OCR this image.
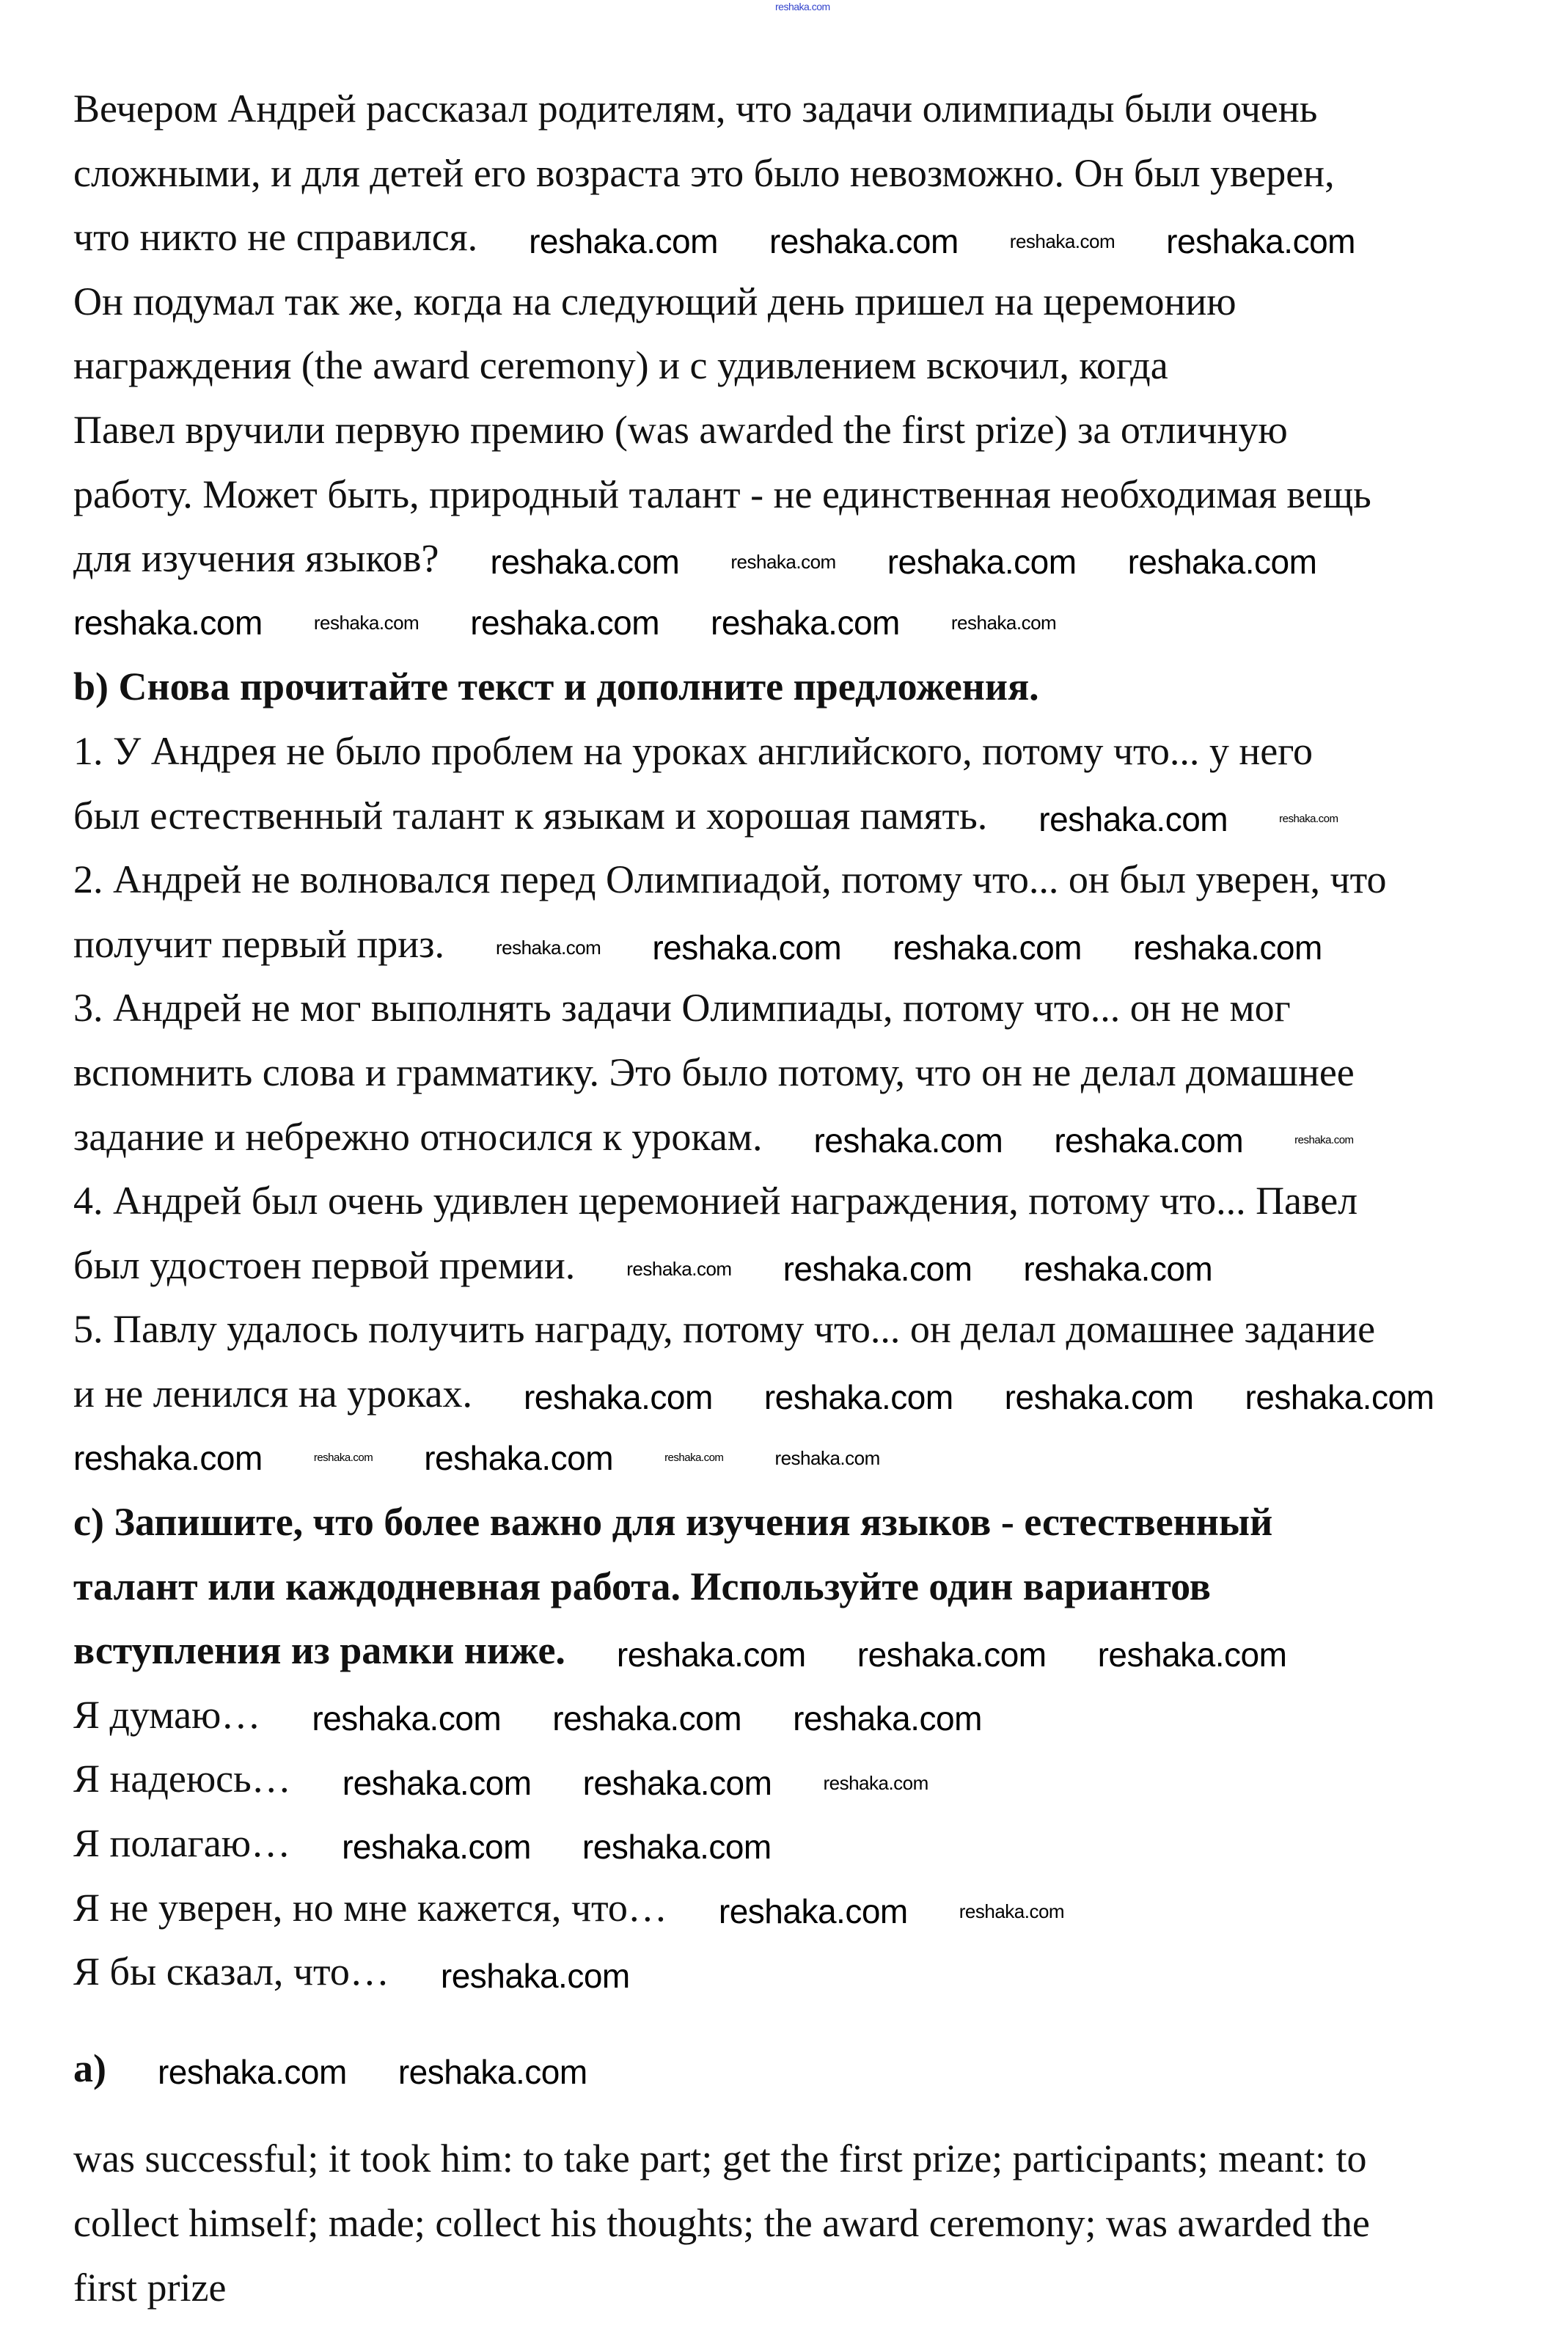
reshaka.com
Вечером Андрей рассказал родителям, что задачи олимпиады были очень
сложными, и для детей его возраста это было невозможно. Он был уверен,
что никто не справился. reshaka.com reshaka.com	reshaka.com reshaka.com
Он подумал так же, когда на следующий день пришел на церемонию
награждения (the award ceremony) и с удивлением вскочил, когда
Павел вручили первую премию (was awarded the first prize) за отличную
работу. Может быть, природный талант - не единственная необходимая вещь
для изучения языков? reshaka.com	reshaka.com reshaka.com reshaka.com
reshaka.com	reshaka.com reshaka.com reshaka.com	reshaka.com
b) Снова прочитайте текст и дополните предложения.
1. У Андрея не было проблем на уроках английского, потому что... у него
был естественный талант к языкам и хорошая память. reshaka.com	reshaka.com
2. Андрей не волновался перед Олимпиадой, потому что... он был уверен, что
получит первый приз.	reshaka.com reshaka.com reshaka.com reshaka.com
3. Андрей не мог выполнять задачи Олимпиады, потому что... он не мог
вспомнить слова и грамматику. Это было потому, что он не делал домашнее
задание и небрежно относился к урокам. reshaka.com reshaka.com	reshaka.com
4. Андрей был очень удивлен церемонией награждения, потому что... Павел
был удостоен первой премии.	reshaka.com reshaka.com reshaka.com
5. Павлу удалось получить награду, потому что... он делал домашнее задание
и не ленился на уроках. reshaka.com reshaka.com reshaka.com reshaka.com
reshaka.com	reshaka.com reshaka.com	reshaka.com	reshaka.com
c) Запишите, что более важно для изучения языков - естественный
талант или каждодневная работа. Используйте один вариантов
вступления из рамки ниже. reshaka.com reshaka.com reshaka.com
Я думаю… reshaka.com reshaka.com reshaka.com
Я надеюсь… reshaka.com reshaka.com	reshaka.com
Я полагаю… reshaka.com reshaka.com
Я не уверен, но мне кажется, что… reshaka.com	reshaka.com
Я бы сказал, что… reshaka.com
a) reshaka.com reshaka.com
was successful; it took him: to take part; get the first prize; participants; meant: to
collect himself; made; collect his thoughts; the award ceremony; was awarded the
first prize
